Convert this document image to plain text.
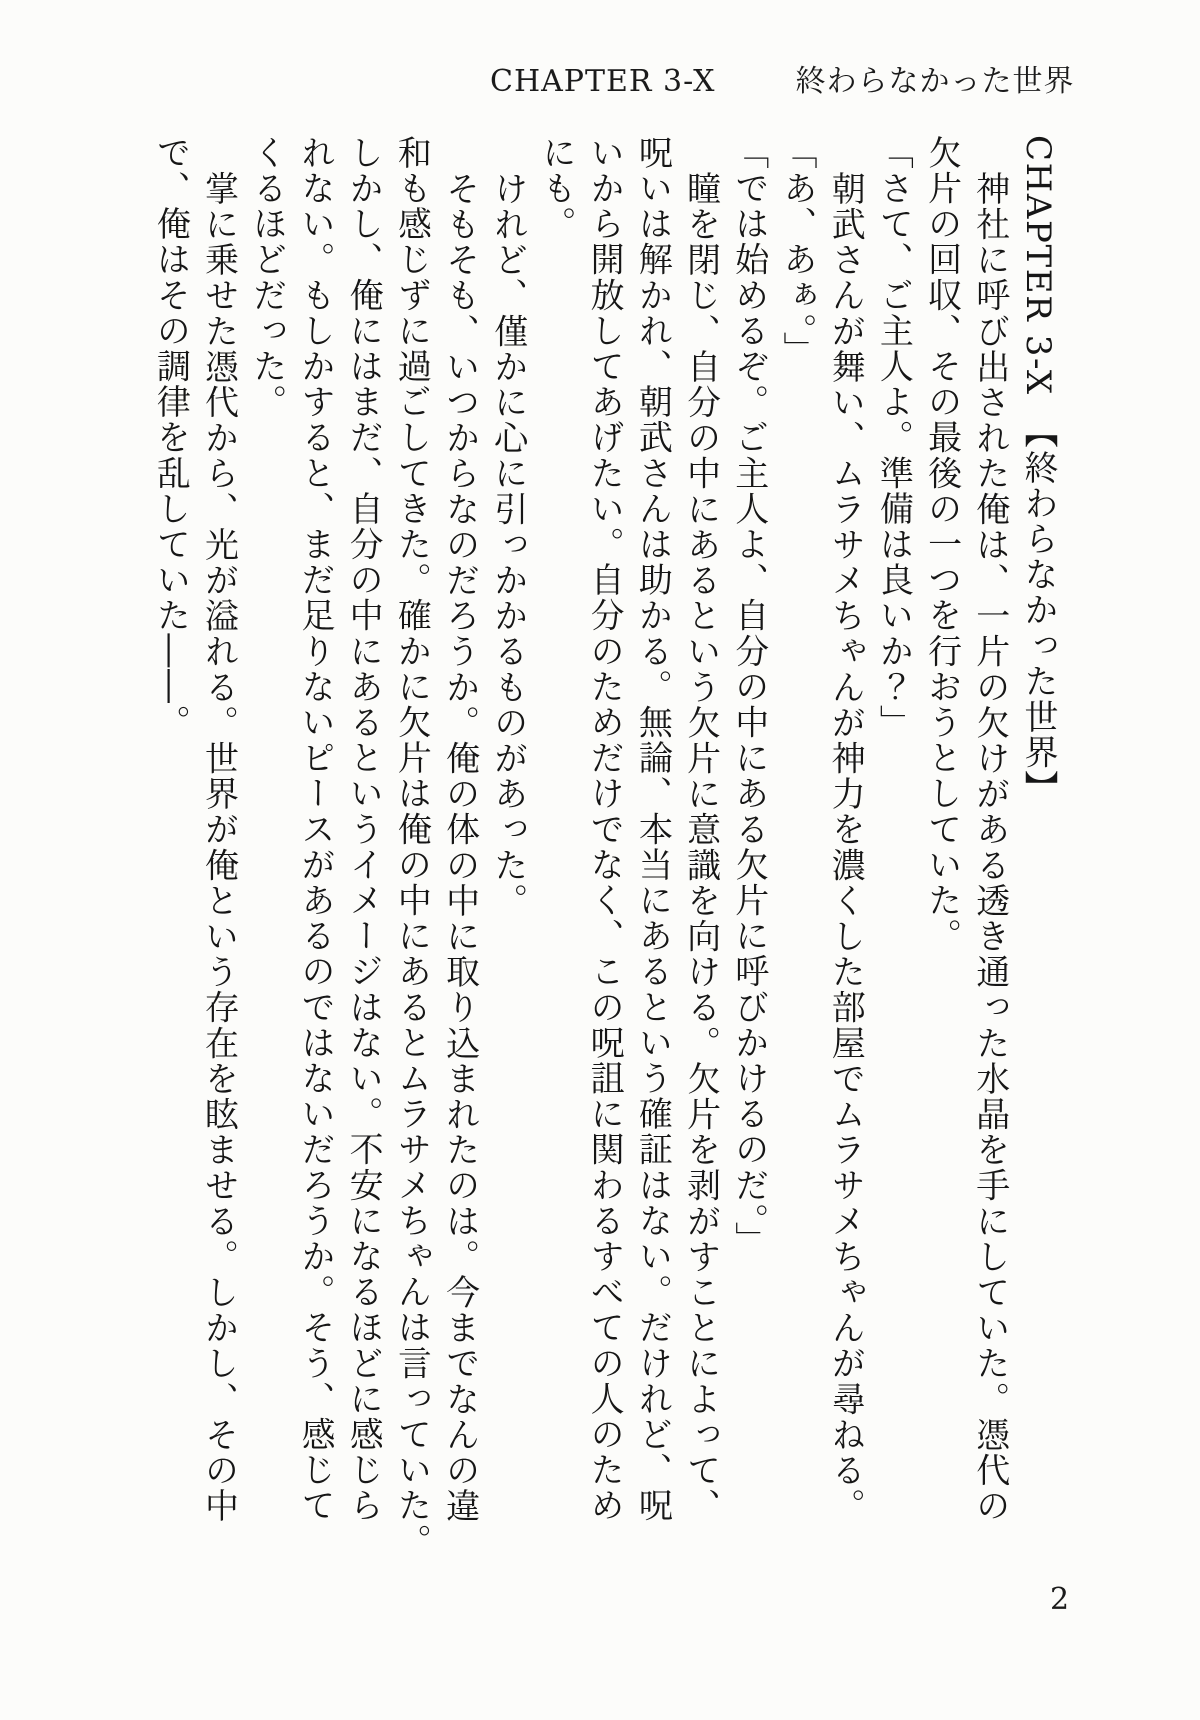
CHAPTER 3-X	終わらなかった世界
CHAPTER 3-X　【終わらなかった世界】
神社に呼び出された俺は、一片の欠けがある透き通った水晶を手にしていた。憑代の
欠片の回収、その最後の一つを行おうとしていた。
「さて、ご主人よ。準備は良いか？」
朝武さんが舞い、ムラサメちゃんが神力を濃くした部屋でムラサメちゃんが尋ねる。
「あ、あぁ。」
「では始めるぞ。ご主人よ、自分の中にある欠片に呼びかけるのだ。」
瞳を閉じ、自分の中にあるという欠片に意識を向ける。欠片を剥がすことによって、
呪いは解かれ、朝武さんは助かる。無論、本当にあるという確証はない。だけれど、呪
いから開放してあげたい。自分のためだけでなく、この呪詛に関わるすべての人のため
にも。
けれど、僅かに心に引っかかるものがあった。
そもそも、いつからなのだろうか。俺の体の中に取り込まれたのは。今までなんの違
和も感じずに過ごしてきた。確かに欠片は俺の中にあるとムラサメちゃんは言っていた。
しかし、俺にはまだ、自分の中にあるというイメージはない。不安になるほどに感じら
れない。もしかすると、まだ足りないピースがあるのではないだろうか。そう、感じて
くるほどだった。
掌に乗せた憑代から、光が溢れる。世界が俺という存在を眩ませる。しかし、その中
で、俺はその調律を乱していた――。
2
